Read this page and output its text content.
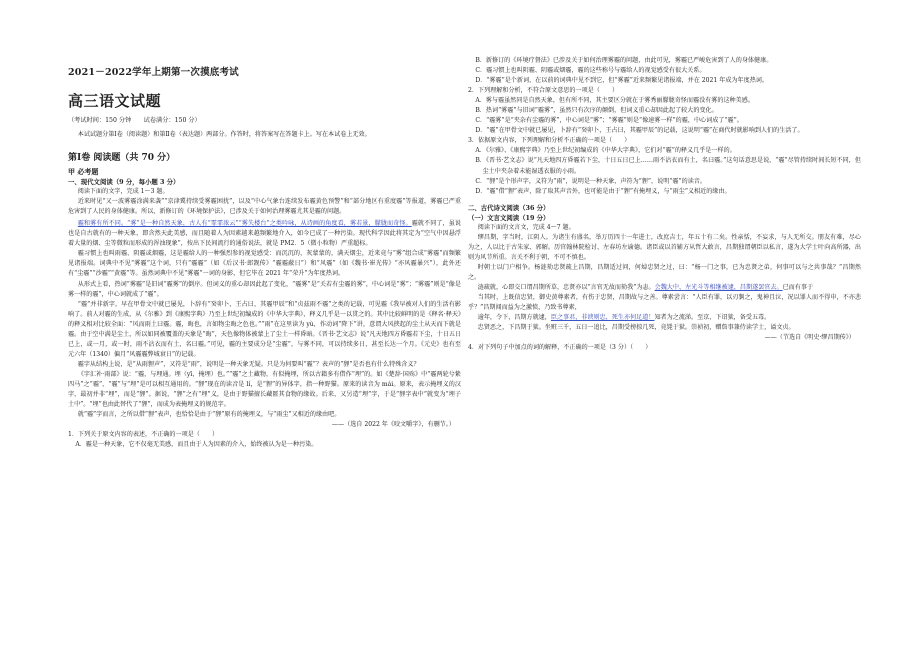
2021－2022学年上期第一次摸底考试
高三语文试题
（考试时间：150 分钟　　试卷满分：150 分）
本试试题分第Ⅰ卷（阅读题）和第Ⅱ卷（表达题）两部分。作答时，将答案写在答题卡上。写在本试卷上无效。
第Ⅰ卷 阅读题（共 70 分）
甲 必考题
一、现代文阅读（9 分，每小题 3 分）
阅读下面的文字，完成 1～3 题。
近来时见“又一波雾霾涂满来袭”“京津冀持续受雾霾困扰”，以及“中心气象台连续发布霾黄色预警”和“部分地区有重度霾”等报道，雾霾已严重危害到了人民的身体健康。所以，新修订的《环境保护法》，已涉及关于如何治理雾霾尤其是霾的问题。
霾和雾有所不同。“雾”是一种自然天象，古人有“霏霏浓云”“雾失楼台”之类吟咏，从诗画的角度看，雾若景，朦胧而奇怪。霾就不同了，虽说也是自古就有的一种天象，即含然天此美感，而且随着人为因素越来越频繁地介入，如今已成了一种污染。现代科学因此将其定为“空气中因悬浮着大量的烟、尘等微粒而形成的浑浊现象”，按出下民间流行的通俗说法，就是 PM2．5（微小粒物）严重超标。
霾习惯上也叫雨霾、阴霾或烟霾，这是霾给人的一种强烈参的视觉感受：而沉沉的，灰蒙蒙的，满天烟尘，近来竟与“雾”组合成“雾霾”而频繁见诸报端。词典中不见“雾霾”这个词，只有“霾霾”（如《后汉书·郎觊传》“霾霾蔽日”）和“风霾”（如《魏书·崔光传》“亦风霾暴兴”），此外还有“尘霾”“沙霾”“黄霾”等。虽然词典中不见“雾霾”一词的身影，但它毕在 2021 年“荣升”为年度热词。
从形式上看，热词“雾霾”是旧词“霾雾”的倒序。但词义的重心却因此起了变化，“霾雾”是“关若有尘霾的雾”，中心词是“雾”；“雾霾”则是“像是雾一样的霾”，中心词就成了“霾”。
“霾”并非新字，早在甲骨文中就已屡见，卜辞有“癸卯卜，王占曰，其霾甲辰”和“贞兹雨不霾”之类的记载，可见霾《我早被对人们的生活有影响了。前人对霾的生成，从《尔雅》到《康熙字典》乃至上世纪初编成的《中华大字典》，释义几乎是一以贯之的。其中比较鲜明的是《释名·释天》的释义相对比较全面：“风而雨土曰霾。霾，晦也，言如物尘晦之色也。”“雨”在这里读为 yù，作动词“降下”讲，意谓大风挟起的尘土从天而下就是霾。由于空中满是尘土，所以如同被覆盖的天象是“晦”，天色像物体被蒙上了尘土一样昏暗。《晋书·艺文志》说“凡天地四方昏霾若下尘，十日五日已上，或一月，或一时，雨不沾衣而有土，名曰霾。”可见，霾的主要成分是“尘霾”，与雾不同，可以持续多日，甚至长达一个月。《元史》也有至元六年（1340）偏月“风霾霾弊城衰日”的记载。
霾字从结构上说，是“从雨貍声”，又符是“雨”，说明是一种天象无疑。只是为何要叫“霾”？表声的“貍”是否也有什么特殊含义？
《字汇补·雨部》说：“霾，与埋通。埋（yī，掩埋）也。”“霾”之土藏物，有似掩埋，所以古籍多有借作“埋”的。如《楚辞·国殇》中“霾两轮兮絷四马”之“霾”，“霾”与“埋”是可以相互通用的。“貍”现在的读音是 lí，是“貍”的异体字，指一种野猫。原来的读音为 mái。原来，表示掩埋义的汉字，最初并非“埋”，而是“貍”。据说，“貍”之有“埋”义，是由于野猫擅长藏匿其食物的缘故。后来，又另造“埋”字，于是“貍字表中”就变为“埋子土中”。“埋”也由此替代了“貍”，而成为表掩埋义的规范字。
就“霾”字而言，之所以借“貍”表声，也恰恰是由于“貍”原有的掩埋义，与“雨尘”又相近的缘由吧。
——（选自 2022 年《咬文嚼字》，有删节。）
1．下列关于原文内容的表述，不正确的一项是（　　）
A．霾是一种天象，它不仅毫无美感，而且由于人为因素的介入，始终被认为是一种污染。
B．新修订的《环境疗督法》已涉及关于如何治理雾霾的问题，由此可见，雾霾已严峻危害到了人的身体健康。
C．霾习惯上也叫阴霾、阴霾或烟霾，霾的这些称号与霾给人的视觉感受有很大关系。
D．“雾霾”是个新词，在以前的词典中见不到它，但“雾霾”近来频繁见诸报端，并在 2021 年成为年度热词。
2．下列理解和分析，不符合原文意思的一项是（　　）
A．雾与霾虽然同是自然天象，但有所不同，其主要区分就在于雾秀丽朦胧奇怪而霾没有雾的这种美感。
B．热词“雾霾”与旧词“霾雾”，虽然只有次序的颠倒，但词义重心却因此起了较大的变化。
C．“霾雾”是“夹杂有尘霾的雾”，中心词是“雾”；“雾霾”则是“像速雾一样”的霾，中心词成了“霾”。
D．“霾”在甲骨文中就已屡见，卜辞有“癸卯卜，王占曰，其霾甲辰”的记载，这说明“霾”在商代时就影响到人们的生活了。
3．依据原文内容，下列理解和分析不正确的一项是（　　）
A．《尔雅》、《康熙字典》乃至上世纪初编成的《中华大字典》，它们对“霾”的释义几乎是一样的。
B．《晋书·艺文志》说“凡天地四方昏霾若下尘，十日五日已上……雨不沾衣而有土，名曰霾。”这句话意思是说，“霾”尽管持续时间长短不同，但尘土中夹杂着未能湿透衣服的小雨。
C．“貍”是个形声字，义符为“雨”，说明是一种天象，声符为“貍”，说明“霾”的读音。
D．“霾”借“貍”表声，除了取其声音外，也可能是由于“貍”有掩埋义，与“雨尘”义相近的缘由。
二、古代诗文阅读（36 分）
（一）文言文阅读（19 分）
阅读下面的文言文，完成 4～7 题。
缪昌期，字当时，江阴人。为诸生有盛名，举万历四十一年进士，改庶吉士，年五十有二矣。性亲恬，不妄求，与人无所交。朋友有难，尽心为之，人以比于古朱家、郭解。历官翰林院检讨、左春坊左谕德。诸臣或以首辅方从哲大敢言，昌期独谓朝臣以私言，遂为大学士叶向高所器，出则为风节所重。言关不利于朝，不可不慎也。
时朝士以门户相争。杨涟劾忠贤疏上昌期，昌期适过问，何焯忠贤之过，曰：“杨一门之事，已为忠贤之弟，何事可以与之共事哉？”昌期然之。
涟疏就，心即交口谓昌期所草，忠贤亦以“言官无故而劾我”为恚。会魏大中、左光斗等相继被逮，昌期遂罢官去。已而有事于
当其时，上既信忠贤，御史黄尊素者，有伤于忠贤，昌期故与之善。尊素尝言：“人臣有罪，以刃剚之，鬼神且泣，况以罪人而不得申，不亦悲乎？”昌期闻而益为之激愤，乃致书尊素，
逾年，令下，昌期方就逮，臣之事君，非谀则忠，死生亦何足道！知者为之流涕。至京，下诏狱，备受五毒。
忠贤恶之，下昌期于狱。坐赃三千，五日一追比，昌期受搒掠几死，竟毙于狱。崇祯初，赠詹事兼侍读学士，谥文贞。
——（节选自《明史·缪昌期传》）
4．对下列句子中加点的词的解释，不正确的一项是（3 分）（　　）
